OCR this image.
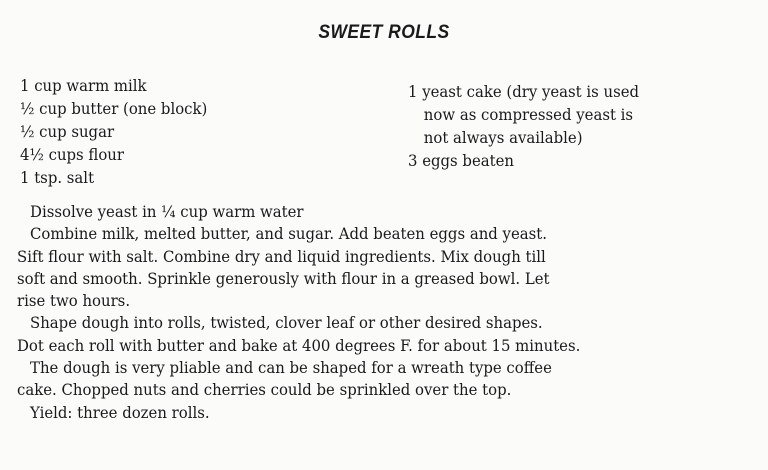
SWEET ROLLS
1 cup warm milk
½ cup butter (one block)
½ cup sugar
4½ cups flour
1 tsp. salt
1 yeast cake (dry yeast is used
now as compressed yeast is
not always available)
3 eggs beaten
Dissolve yeast in ¼ cup warm water
Combine milk, melted butter, and sugar. Add beaten eggs and yeast.
Sift flour with salt. Combine dry and liquid ingredients. Mix dough till
soft and smooth. Sprinkle generously with flour in a greased bowl. Let
rise two hours.
Shape dough into rolls, twisted, clover leaf or other desired shapes.
Dot each roll with butter and bake at 400 degrees F. for about 15 minutes.
The dough is very pliable and can be shaped for a wreath type coffee
cake. Chopped nuts and cherries could be sprinkled over the top.
Yield: three dozen rolls.
